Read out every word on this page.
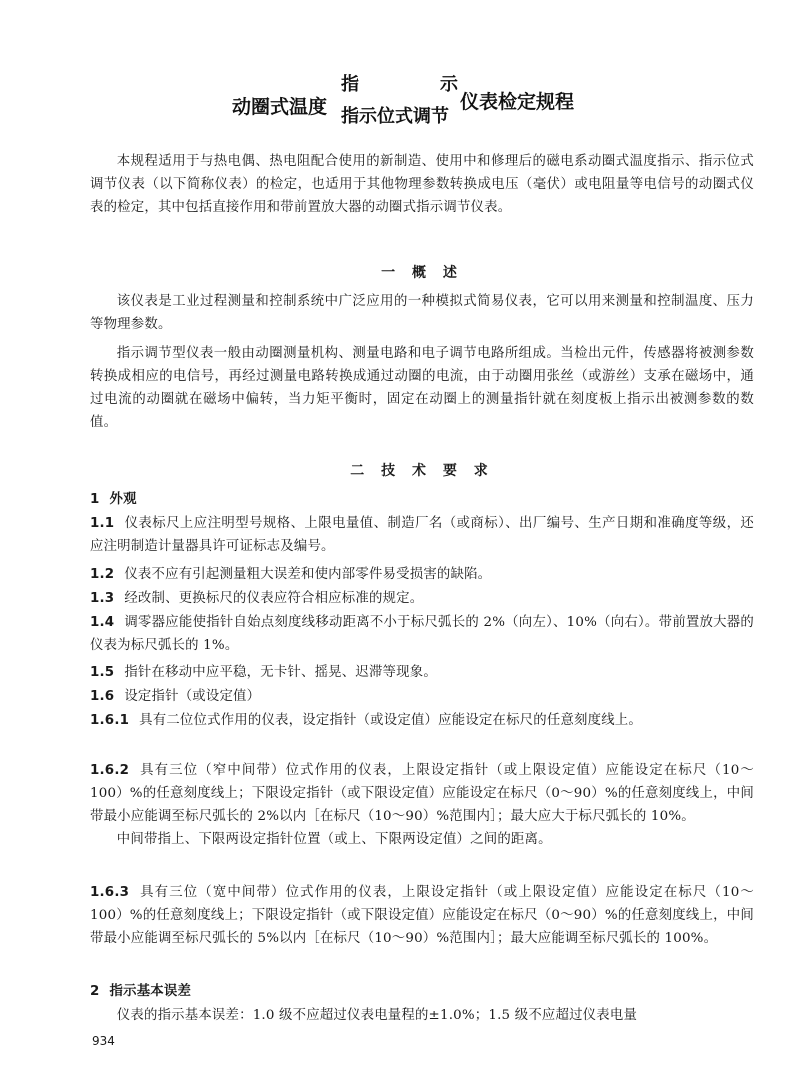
动圈式温度
指
指示位式调节
示
仪表检定规程

本规程适用于与热电偶、热电阻配合使用的新制造、使用中和修理后的磁电系动圈式温度指示、指示位式调节仪表（以下简称仪表）的检定，也适用于其他物理参数转换成电压（毫伏）或电阻量等电信号的动圈式仪表的检定，其中包括直接作用和带前置放大器的动圈式指示调节仪表。

一 概 述

该仪表是工业过程测量和控制系统中广泛应用的一种模拟式简易仪表，它可以用来测量和控制温度、压力等物理参数。

指示调节型仪表一般由动圈测量机构、测量电路和电子调节电路所组成。当检出元件，传感器将被测参数转换成相应的电信号，再经过测量电路转换成通过动圈的电流，由于动圈用张丝（或游丝）支承在磁场中，通过电流的动圈就在磁场中偏转，当力矩平衡时，固定在动圈上的测量指针就在刻度板上指示出被测参数的数值。

二 技 术 要 求

1 外观

1.1 仪表标尺上应注明型号规格、上限电量值、制造厂名（或商标）、出厂编号、生产日期和准确度等级，还应注明制造计量器具许可证标志及编号。

1.2 仪表不应有引起测量粗大误差和使内部零件易受损害的缺陷。

1.3 经改制、更换标尺的仪表应符合相应标准的规定。

1.4 调零器应能使指针自始点刻度线移动距离不小于标尺弧长的 2%（向左）、10%（向右）。带前置放大器的仪表为标尺弧长的 1%。

1.5 指针在移动中应平稳，无卡针、摇晃、迟滞等现象。

1.6 设定指针（或设定值）

1.6.1 具有二位位式作用的仪表，设定指针（或设定值）应能设定在标尺的任意刻度线上。

1.6.2 具有三位（窄中间带）位式作用的仪表，上限设定指针（或上限设定值）应能设定在标尺（10～100）%的任意刻度线上；下限设定指针（或下限设定值）应能设定在标尺（0～90）%的任意刻度线上，中间带最小应能调至标尺弧长的 2%以内［在标尺（10～90）%范围内］；最大应大于标尺弧长的 10%。
中间带指上、下限两设定指针位置（或上、下限两设定值）之间的距离。

1.6.3 具有三位（宽中间带）位式作用的仪表，上限设定指针（或上限设定值）应能设定在标尺（10～100）%的任意刻度线上；下限设定指针（或下限设定值）应能设定在标尺（0～90）%的任意刻度线上，中间带最小应能调至标尺弧长的 5%以内［在标尺（10～90）%范围内］；最大应能调至标尺弧长的 100%。

2 指示基本误差

仪表的指示基本误差：1.0 级不应超过仪表电量程的±1.0%；1.5 级不应超过仪表电量

934
